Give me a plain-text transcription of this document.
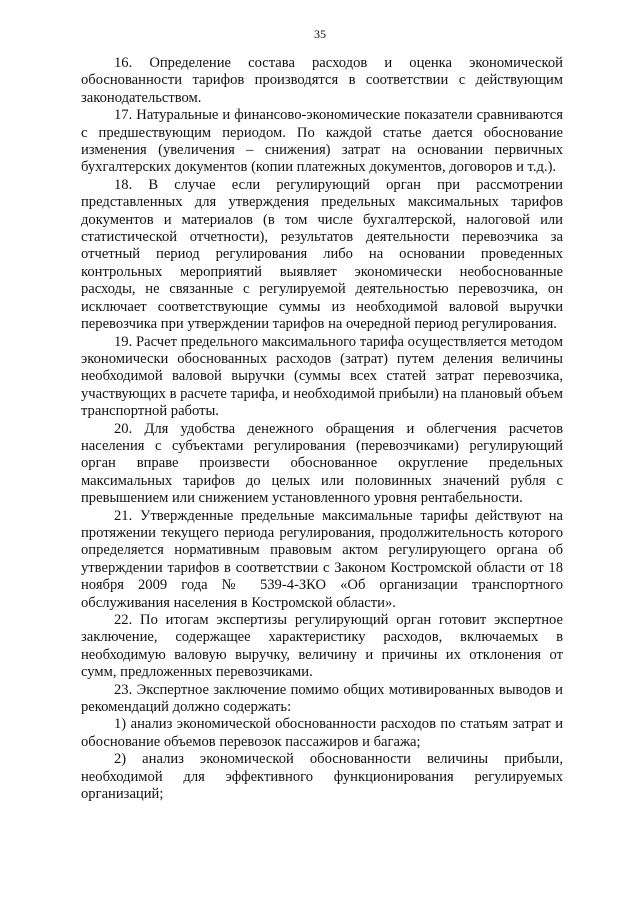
35

16. Определение состава расходов и оценка экономической обоснованности тарифов производятся в соответствии с действующим законодательством.

17. Натуральные и финансово-экономические показатели сравниваются с предшествующим периодом. По каждой статье дается обоснование изменения (увеличения – снижения) затрат на основании первичных бухгалтерских документов (копии платежных документов, договоров и т.д.).

18. В случае если регулирующий орган при рассмотрении представленных для утверждения предельных максимальных тарифов документов и материалов (в том числе бухгалтерской, налоговой или статистической отчетности), результатов деятельности перевозчика за отчетный период регулирования либо на основании проведенных контрольных мероприятий выявляет экономически необоснованные расходы, не связанные с регулируемой деятельностью перевозчика, он исключает соответствующие суммы из необходимой валовой выручки перевозчика при утверждении тарифов на очередной период регулирования.

19. Расчет предельного максимального тарифа осуществляется методом экономически обоснованных расходов (затрат) путем деления величины необходимой валовой выручки (суммы всех статей затрат перевозчика, участвующих в расчете тарифа, и необходимой прибыли) на плановый объем транспортной работы.

20. Для удобства денежного обращения и облегчения расчетов населения с субъектами регулирования (перевозчиками) регулирующий орган вправе произвести обоснованное округление предельных максимальных тарифов до целых или половинных значений рубля с превышением или снижением установленного уровня рентабельности.

21. Утвержденные предельные максимальные тарифы действуют на протяжении текущего периода регулирования, продолжительность которого определяется нормативным правовым актом регулирующего органа об утверждении тарифов в соответствии с Законом Костромской области от 18 ноября 2009 года № 539-4-ЗКО «Об организации транспортного обслуживания населения в Костромской области».

22. По итогам экспертизы регулирующий орган готовит экспертное заключение, содержащее характеристику расходов, включаемых в необходимую валовую выручку, величину и причины их отклонения от сумм, предложенных перевозчиками.

23. Экспертное заключение помимо общих мотивированных выводов и рекомендаций должно содержать:

1) анализ экономической обоснованности расходов по статьям затрат и обоснование объемов перевозок пассажиров и багажа;

2) анализ экономической обоснованности величины прибыли, необходимой для эффективного функционирования регулируемых организаций;
